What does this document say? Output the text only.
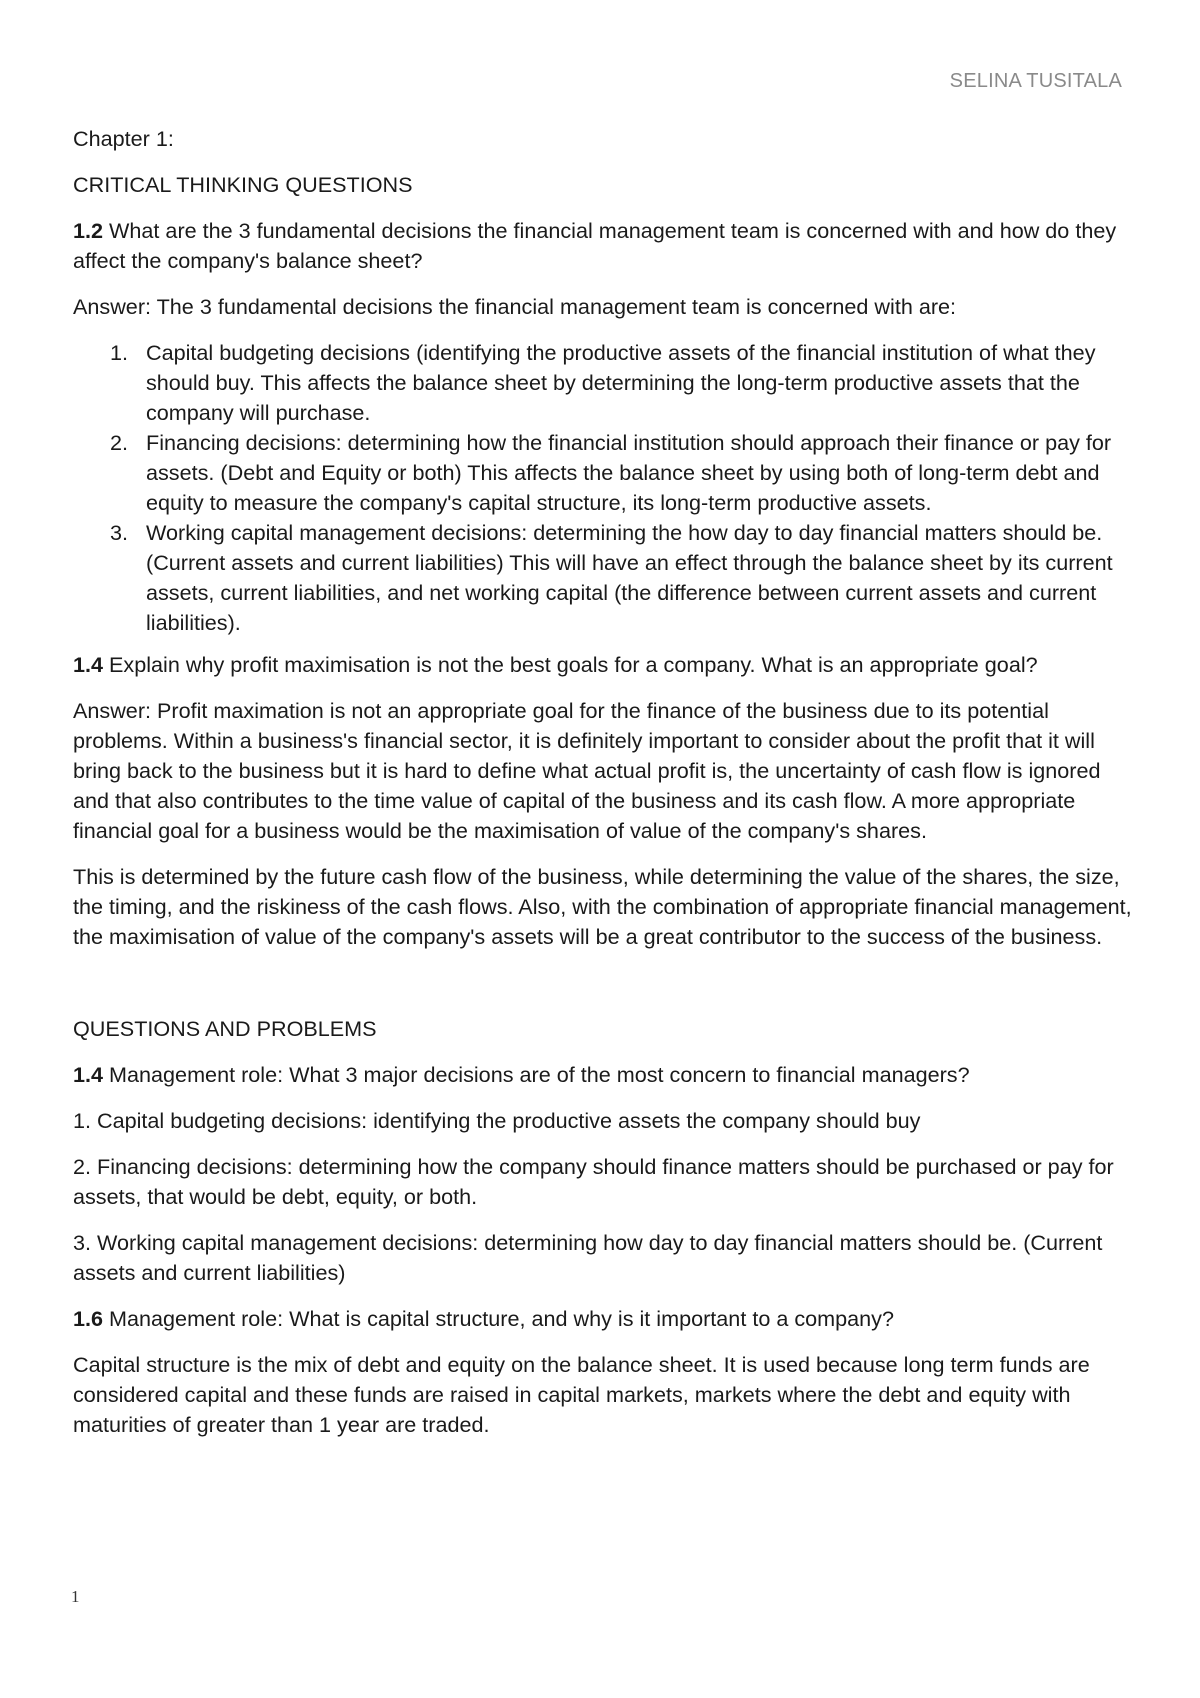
SELINA TUSITALA

Chapter 1:

CRITICAL THINKING QUESTIONS

1.2 What are the 3 fundamental decisions the financial management team is concerned with and how do they affect the company's balance sheet?

Answer: The 3 fundamental decisions the financial management team is concerned with are:

1. Capital budgeting decisions (identifying the productive assets of the financial institution of what they should buy. This affects the balance sheet by determining the long-term productive assets that the company will purchase.
2. Financing decisions: determining how the financial institution should approach their finance or pay for assets. (Debt and Equity or both) This affects the balance sheet by using both of long-term debt and equity to measure the company's capital structure, its long-term productive assets.
3. Working capital management decisions: determining the how day to day financial matters should be. (Current assets and current liabilities) This will have an effect through the balance sheet by its current assets, current liabilities, and net working capital (the difference between current assets and current liabilities).

1.4 Explain why profit maximisation is not the best goals for a company. What is an appropriate goal?

Answer: Profit maximation is not an appropriate goal for the finance of the business due to its potential problems. Within a business's financial sector, it is definitely important to consider about the profit that it will bring back to the business but it is hard to define what actual profit is, the uncertainty of cash flow is ignored and that also contributes to the time value of capital of the business and its cash flow. A more appropriate financial goal for a business would be the maximisation of value of the company's shares.

This is determined by the future cash flow of the business, while determining the value of the shares, the size, the timing, and the riskiness of the cash flows. Also, with the combination of appropriate financial management, the maximisation of value of the company's assets will be a great contributor to the success of the business.

QUESTIONS AND PROBLEMS

1.4 Management role: What 3 major decisions are of the most concern to financial managers?

1. Capital budgeting decisions: identifying the productive assets the company should buy

2. Financing decisions: determining how the company should finance matters should be purchased or pay for assets, that would be debt, equity, or both.

3. Working capital management decisions: determining how day to day financial matters should be. (Current assets and current liabilities)

1.6 Management role: What is capital structure, and why is it important to a company?

Capital structure is the mix of debt and equity on the balance sheet. It is used because long term funds are considered capital and these funds are raised in capital markets, markets where the debt and equity with maturities of greater than 1 year are traded.

1
